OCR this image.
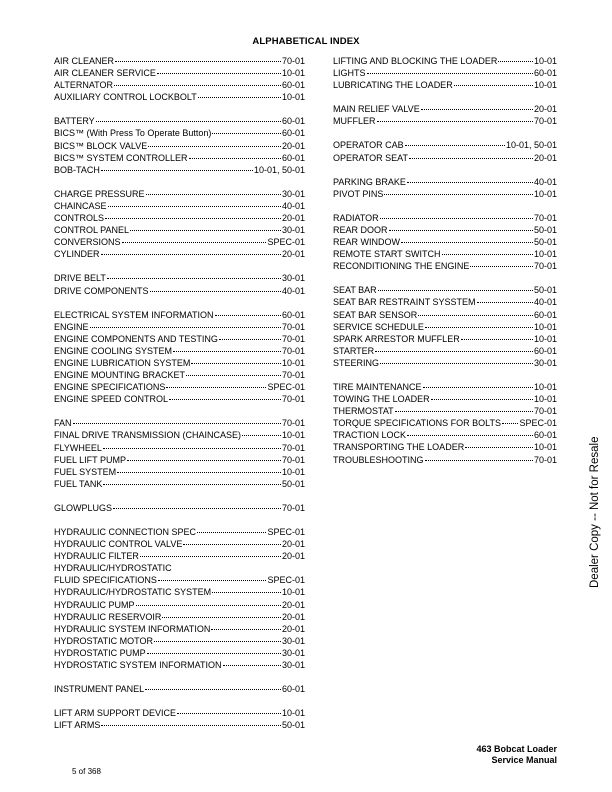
ALPHABETICAL INDEX
AIR CLEANER	70-01
AIR CLEANER SERVICE	10-01
ALTERNATOR	60-01
AUXILIARY CONTROL LOCKBOLT	10-01
BATTERY	60-01
BICS™ (With Press To Operate Button)	60-01
BICS™ BLOCK VALVE	20-01
BICS™ SYSTEM CONTROLLER	60-01
BOB-TACH	10-01, 50-01
CHARGE PRESSURE	30-01
CHAINCASE	40-01
CONTROLS	20-01
CONTROL PANEL	30-01
CONVERSIONS	SPEC-01
CYLINDER	20-01
DRIVE BELT	30-01
DRIVE COMPONENTS	40-01
ELECTRICAL SYSTEM INFORMATION	60-01
ENGINE	70-01
ENGINE COMPONENTS AND TESTING	70-01
ENGINE COOLING SYSTEM	70-01
ENGINE LUBRICATION SYSTEM	10-01
ENGINE MOUNTING BRACKET	70-01
ENGINE SPECIFICATIONS	SPEC-01
ENGINE SPEED CONTROL	70-01
FAN	70-01
FINAL DRIVE TRANSMISSION (CHAINCASE)	10-01
FLYWHEEL	70-01
FUEL LIFT PUMP	70-01
FUEL SYSTEM	10-01
FUEL TANK	50-01
GLOWPLUGS	70-01
HYDRAULIC CONNECTION SPEC	SPEC-01
HYDRAULIC CONTROL VALVE	20-01
HYDRAULIC FILTER	20-01
HYDRAULIC/HYDROSTATIC
FLUID SPECIFICATIONS	SPEC-01
HYDRAULIC/HYDROSTATIC SYSTEM	10-01
HYDRAULIC PUMP	20-01
HYDRAULIC RESERVOIR	20-01
HYDRAULIC SYSTEM INFORMATION	20-01
HYDROSTATIC MOTOR	30-01
HYDROSTATIC PUMP	30-01
HYDROSTATIC SYSTEM INFORMATION	30-01
INSTRUMENT PANEL	60-01
LIFT ARM SUPPORT DEVICE	10-01
LIFT ARMS	50-01
LIFTING AND BLOCKING THE LOADER	10-01
LIGHTS	60-01
LUBRICATING THE LOADER	10-01
MAIN RELIEF VALVE	20-01
MUFFLER	70-01
OPERATOR CAB	10-01, 50-01
OPERATOR SEAT	20-01
PARKING BRAKE	40-01
PIVOT PINS	10-01
RADIATOR	70-01
REAR DOOR	50-01
REAR WINDOW	50-01
REMOTE START SWITCH	10-01
RECONDITIONING THE ENGINE	70-01
SEAT BAR	50-01
SEAT BAR RESTRAINT SYSSTEM	40-01
SEAT BAR SENSOR	60-01
SERVICE SCHEDULE	10-01
SPARK ARRESTOR MUFFLER	10-01
STARTER	60-01
STEERING	30-01
TIRE MAINTENANCE	10-01
TOWING THE LOADER	10-01
THERMOSTAT	70-01
TORQUE SPECIFICATIONS FOR BOLTS SPEC-01
TRACTION LOCK	60-01
TRANSPORTING THE LOADER	10-01
TROUBLESHOOTING	70-01	Dealer Copy -- Not for Resale
463 Bobcat Loader
Service Manual
5 of 368
